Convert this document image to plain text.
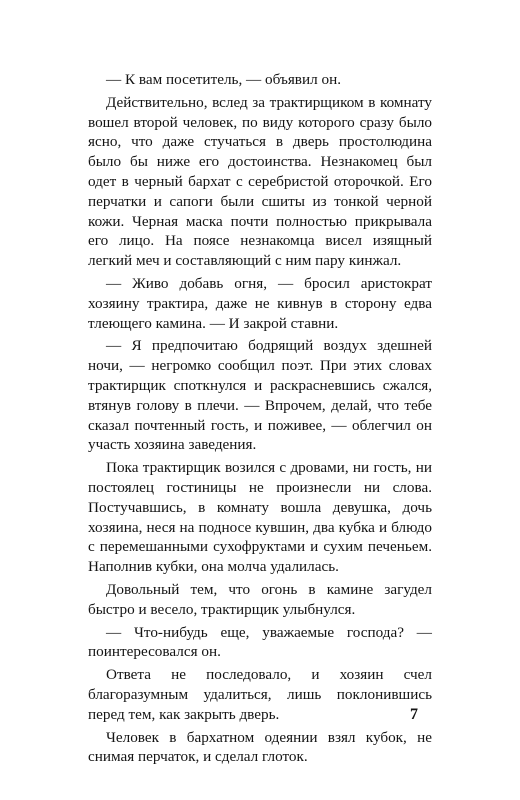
— К вам посетитель, — объявил он.

Действительно, вслед за трактирщиком в комнату вошел второй человек, по виду которого сразу было ясно, что даже стучаться в дверь простолюдина было бы ниже его достоинства. Незнакомец был одет в черный бархат с серебристой оторочкой. Его перчатки и сапоги были сшиты из тонкой черной кожи. Черная маска почти полностью прикрывала его лицо. На поясе незнакомца висел изящный легкий меч и составляющий с ним пару кинжал.

— Живо добавь огня, — бросил аристократ хозяину трактира, даже не кивнув в сторону едва тлеющего камина. — И закрой ставни.

— Я предпочитаю бодрящий воздух здешней ночи, — негромко сообщил поэт. При этих словах трактирщик споткнулся и раскрасневшись сжался, втянув голову в плечи. — Впрочем, делай, что тебе сказал почтенный гость, и поживее, — облегчил он участь хозяина заведения.

Пока трактирщик возился с дровами, ни гость, ни постоялец гостиницы не произнесли ни слова. Постучавшись, в комнату вошла девушка, дочь хозяина, неся на подносе кувшин, два кубка и блюдо с перемешанными сухофруктами и сухим печеньем. Наполнив кубки, она молча удалилась.

Довольный тем, что огонь в камине загудел быстро и весело, трактирщик улыбнулся.

— Что-нибудь еще, уважаемые господа? — поинтересовался он.

Ответа не последовало, и хозяин счел благоразумным удалиться, лишь поклонившись перед тем, как закрыть дверь.

Человек в бархатном одеянии взял кубок, не снимая перчаток, и сделал глоток.

7
